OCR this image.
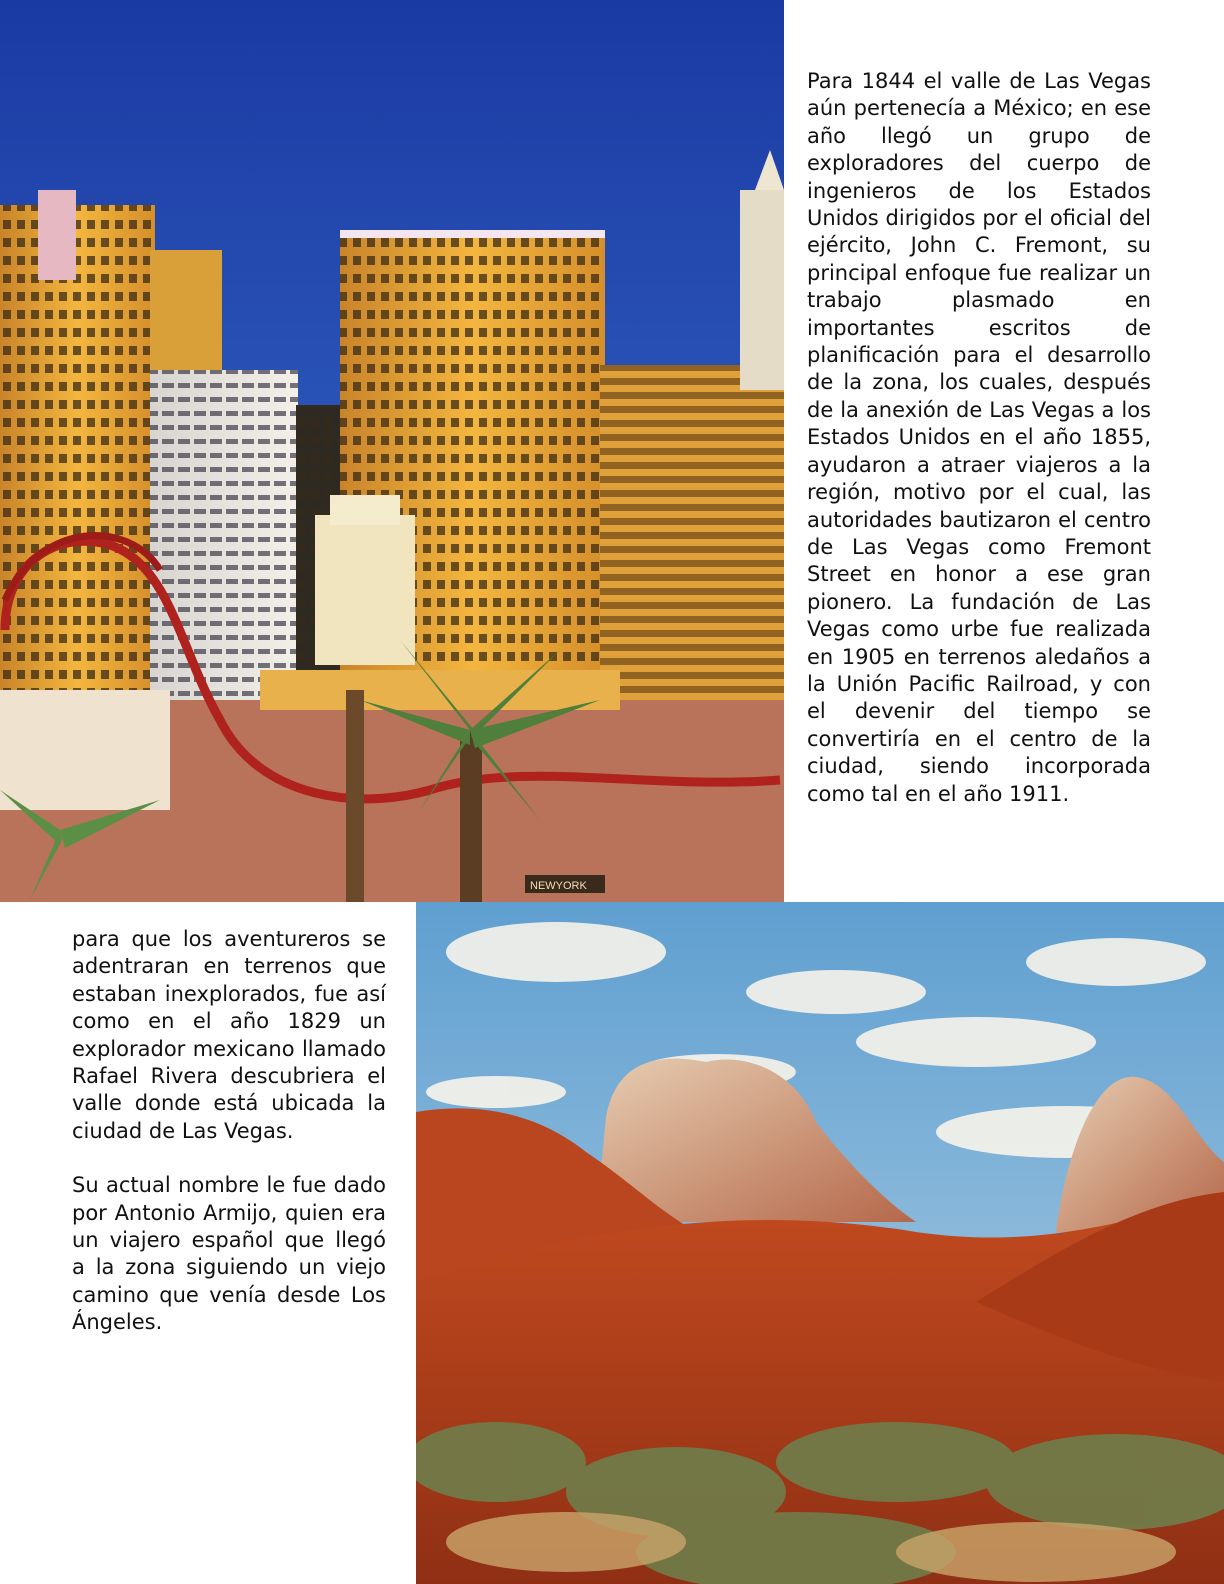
NEWYORK

Para 1844 el valle de Las Vegas aún pertenecía a México; en ese año llegó un grupo de exploradores del cuerpo de ingenieros de los Estados Unidos dirigidos por el oficial del ejército, John C. Fremont, su principal enfoque fue realizar un trabajo plasmado en importantes escritos de planificación para el desarrollo de la zona, los cuales, después de la anexión de Las Vegas a los Estados Unidos en el año 1855, ayudaron a atraer viajeros a la región, motivo por el cual, las autoridades bautizaron el centro de Las Vegas como Fremont Street en honor a ese gran pionero. La fundación de Las Vegas como urbe fue realizada en 1905 en terrenos aledaños a la Unión Pacific Railroad, y con el devenir del tiempo se convertiría en el centro de la ciudad, siendo incorporada como tal en el año 1911.

para que los aventureros se adentraran en terrenos que estaban inexplorados, fue así como en el año 1829 un explorador mexicano llamado Rafael Rivera descubriera el valle donde está ubicada la ciudad de Las Vegas.

Su actual nombre le fue dado por Antonio Armijo, quien era un viajero español que llegó a la zona siguiendo un viejo camino que venía desde Los Ángeles.
